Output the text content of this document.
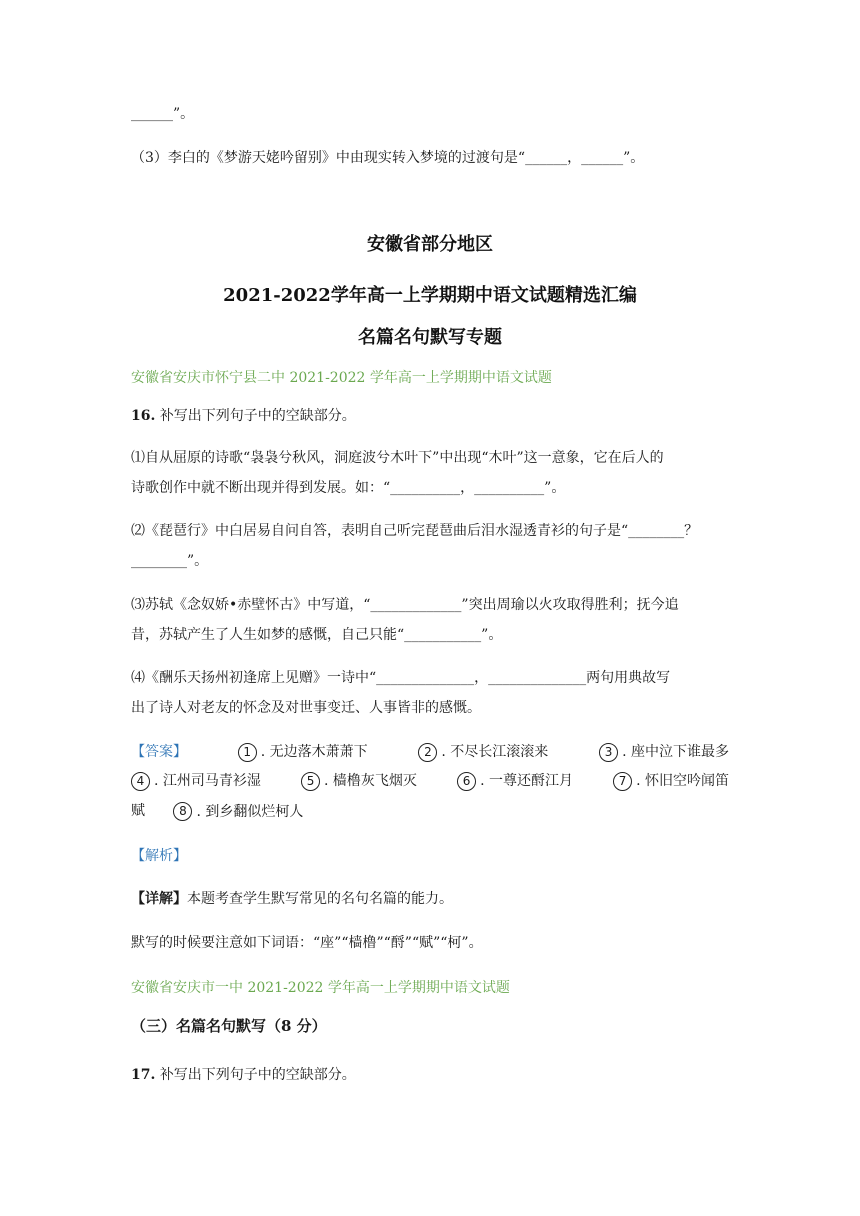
______”。
（3）李白的《梦游天姥吟留别》中由现实转入梦境的过渡句是“______，______”。
安徽省部分地区
2021-2022学年高一上学期期中语文试题精选汇编
名篇名句默写专题
安徽省安庆市怀宁县二中 2021-2022 学年高一上学期期中语文试题
16. 补写出下列句子中的空缺部分。
⑴自从屈原的诗歌“袅袅兮秋风，洞庭波兮木叶下”中出现“木叶”这一意象，它在后人的
诗歌创作中就不断出现并得到发展。如：“__________，__________”。
⑵《琵琶行》中白居易自问自答，表明自己听完琵琶曲后泪水湿透青衫的句子是“________？
________”。
⑶苏轼《念奴娇•赤壁怀古》中写道，“_____________”突出周瑜以火攻取得胜利；抚今追
昔，苏轼产生了人生如梦的感慨，自己只能“___________”。
⑷《酬乐天扬州初逢席上见赠》一诗中“______________，______________两句用典故写
出了诗人对老友的怀念及对世事变迁、人事皆非的感慨。
【答案】	1 . 无边落木萧萧下	2 . 不尽长江滚滚来	3 . 座中泣下谁最多
4 . 江州司马青衫湿	5 . 樯橹灰飞烟灭	6 . 一尊还酹江月	7 . 怀旧空吟闻笛
赋	8 . 到乡翻似烂柯人
【解析】
【详解】本题考查学生默写常见的名句名篇的能力。
默写的时候要注意如下词语：“座”“樯橹”“酹”“赋”“柯”。
安徽省安庆市一中 2021-2022 学年高一上学期期中语文试题
（三）名篇名句默写（8 分）
17. 补写出下列句子中的空缺部分。
